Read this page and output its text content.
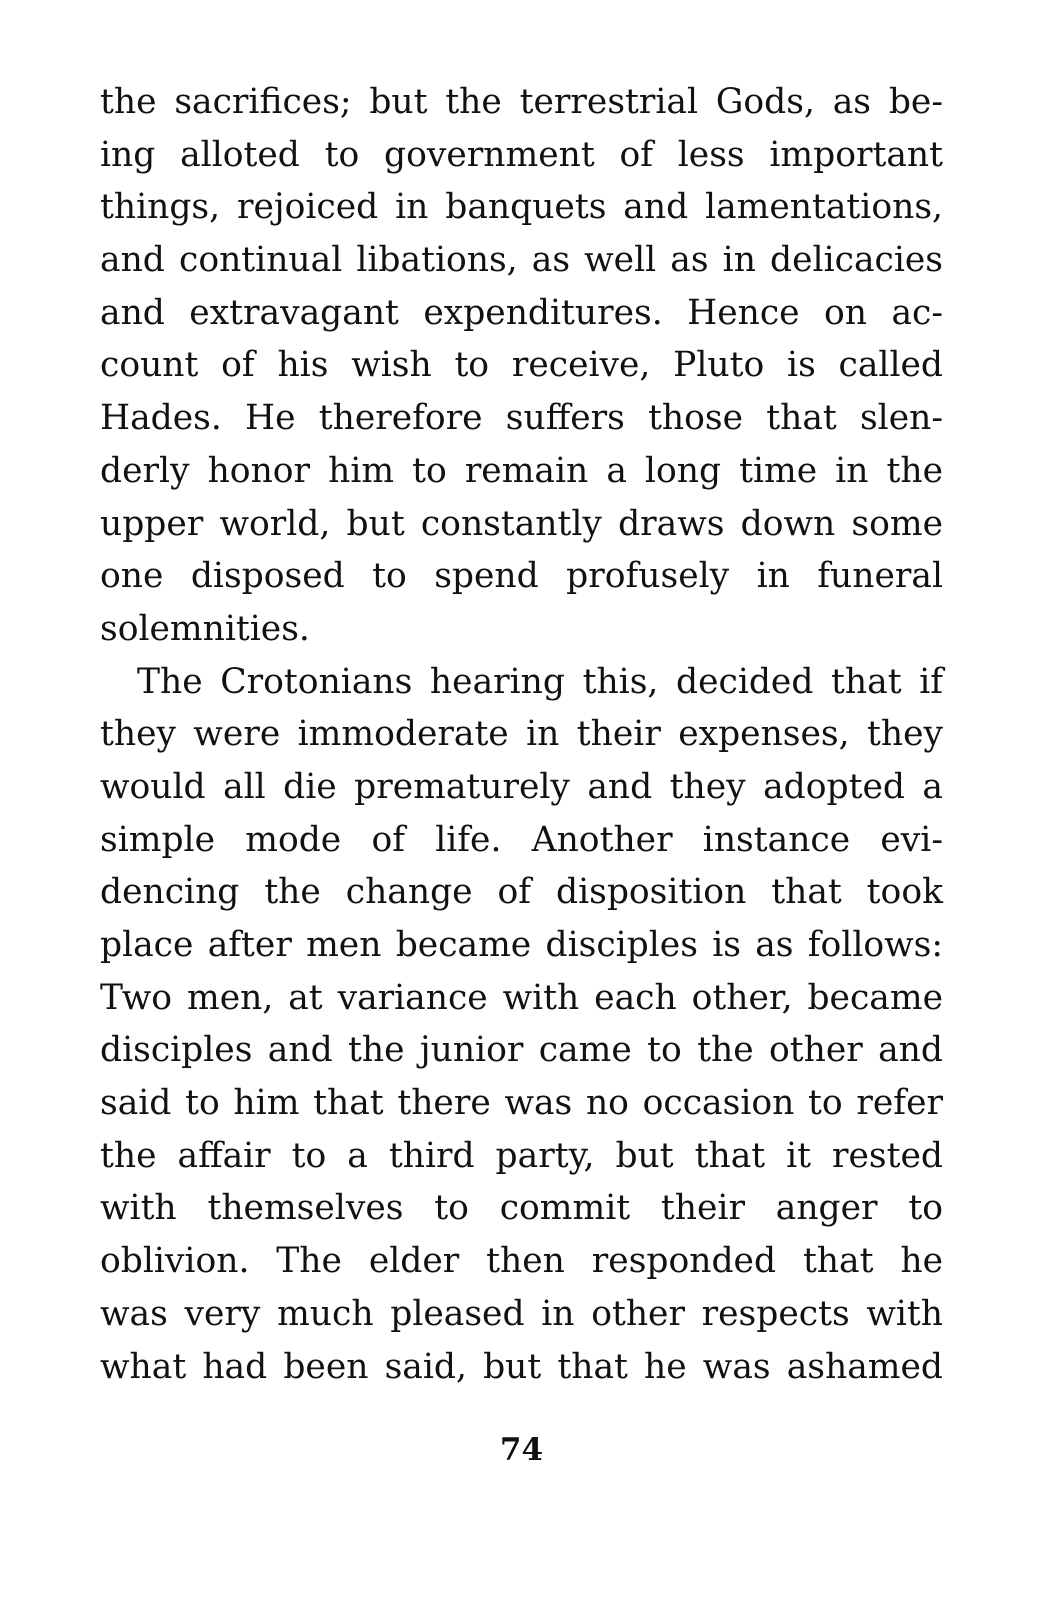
the sacrifices; but the terrestrial Gods, as be-
ing alloted to government of less important
things, rejoiced in banquets and lamentations,
and continual libations, as well as in delicacies
and extravagant expenditures. Hence on ac-
count of his wish to receive, Pluto is called
Hades. He therefore suffers those that slen-
derly honor him to remain a long time in the
upper world, but constantly draws down some
one disposed to spend profusely in funeral
solemnities.
The Crotonians hearing this, decided that if
they were immoderate in their expenses, they
would all die prematurely and they adopted a
simple mode of life. Another instance evi-
dencing the change of disposition that took
place after men became disciples is as follows:
Two men, at variance with each other, became
disciples and the junior came to the other and
said to him that there was no occasion to refer
the affair to a third party, but that it rested
with themselves to commit their anger to
oblivion. The elder then responded that he
was very much pleased in other respects with
what had been said, but that he was ashamed
74
